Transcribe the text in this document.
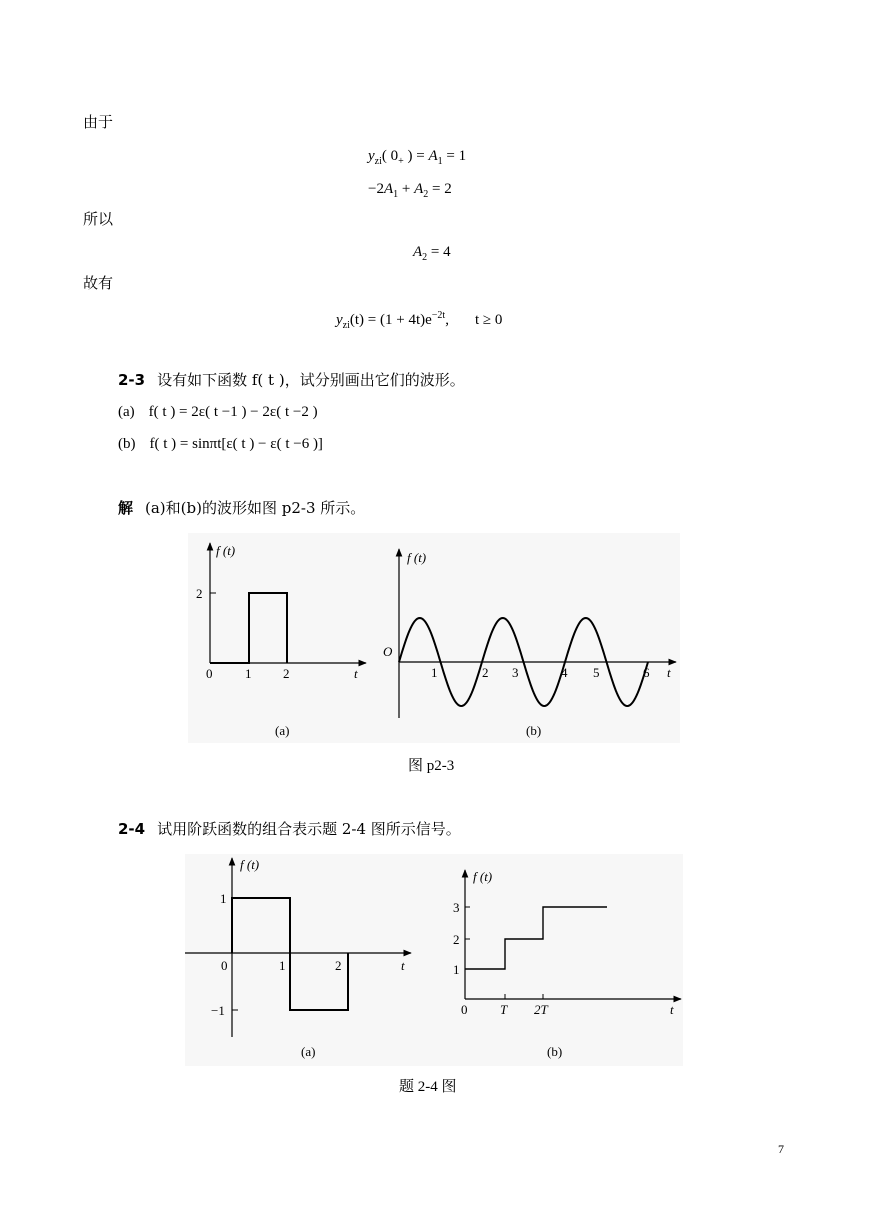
由于
$y_{zi}$( $0_+$ ) = $A_1 = 1$
$-2A_1 + A_2 = 2$
所以
$A_2 = 4$
故有
$y_{zi}(t) = (1 + 4t)e^{-2t}$, t ≥ 0
2-3 设有如下函数 f( t )，试分别画出它们的波形。
(a) f( t ) = 2ε( t −1 ) − 2ε( t −2 )
(b) f( t ) = sinπt[ε( t ) − ε( t −6 )]
解 (a)和(b)的波形如图 p2-3 所示。
f (t)
2
0	1 2	t
(a)
f (t)
O
1	2 3	4 5	6 t
(b)
图 p2-3
2-4 试用阶跃函数的组合表示题 2-4 图所示信号。
f (t)
1
−1
0	1	2	t
(a)
f (t)
1
2
3
0	T 2T	t
(b)
题 2-4 图
7
